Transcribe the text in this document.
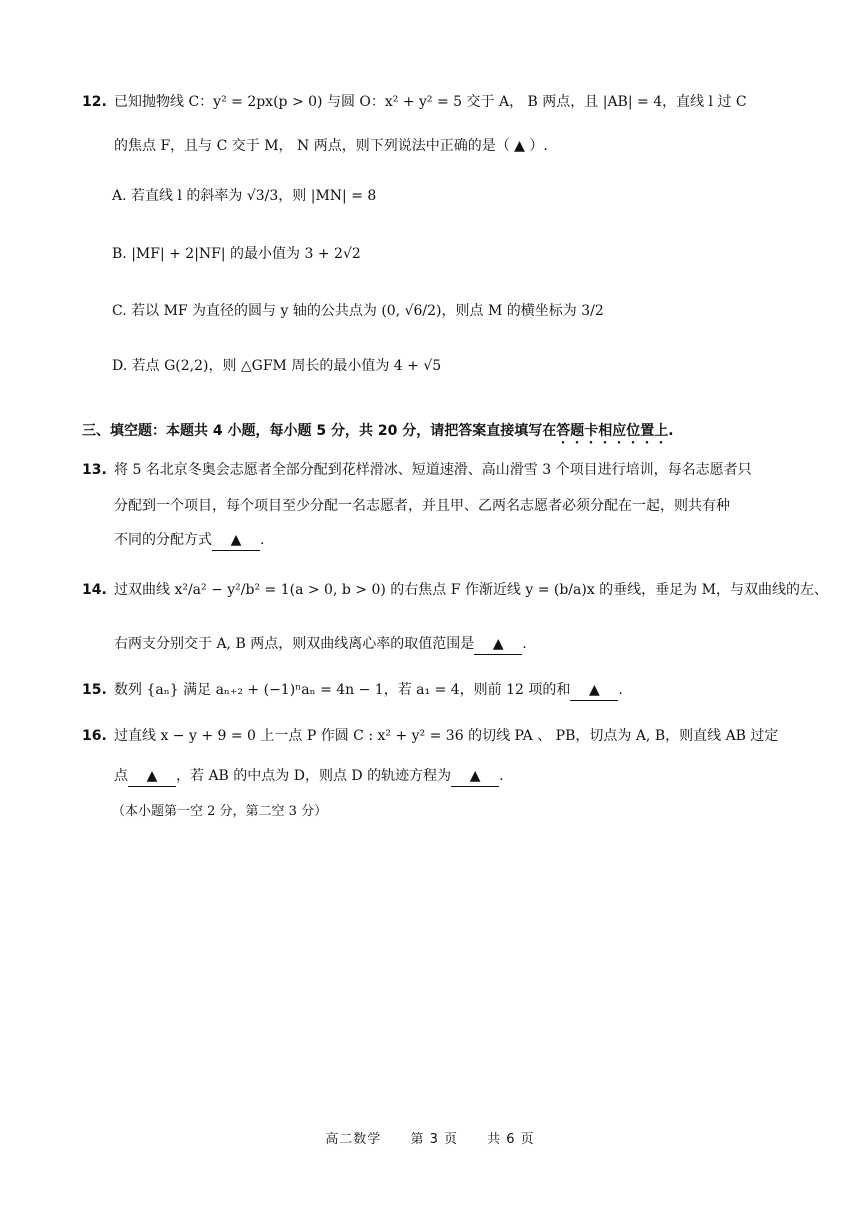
12. 已知抛物线 C：y² = 2px(p > 0) 与圆 O：x² + y² = 5 交于 A， B 两点，且 |AB| = 4，直线 l 过 C
的焦点 F，且与 C 交于 M， N 两点，则下列说法中正确的是（ ▲ ）.
A. 若直线 l 的斜率为 √3/3，则 |MN| = 8
B. |MF| + 2|NF| 的最小值为 3 + 2√2
C. 若以 MF 为直径的圆与 y 轴的公共点为 (0, √6/2)，则点 M 的横坐标为 3/2
D. 若点 G(2,2)，则 △GFM 周长的最小值为 4 + √5
三、填空题：本题共 4 小题，每小题 5 分，共 20 分，请把答案直接填写在答题卡相应位置上.
13. 将 5 名北京冬奥会志愿者全部分配到花样滑冰、短道速滑、高山滑雪 3 个项目进行培训，每名志愿者只
分配到一个项目，每个项目至少分配一名志愿者，并且甲、乙两名志愿者必须分配在一起，则共有种
不同的分配方式 ▲ .
14. 过双曲线 x²/a² − y²/b² = 1(a > 0, b > 0) 的右焦点 F 作渐近线 y = (b/a)x 的垂线，垂足为 M，与双曲线的左、
右两支分别交于 A, B 两点，则双曲线离心率的取值范围是 ▲ .
15. 数列 {aₙ} 满足 aₙ₊₂ + (−1)ⁿaₙ = 4n − 1，若 a₁ = 4，则前 12 项的和 ▲ .
16. 过直线 x − y + 9 = 0 上一点 P 作圆 C : x² + y² = 36 的切线 PA 、 PB，切点为 A, B，则直线 AB 过定
点 ▲ ，若 AB 的中点为 D，则点 D 的轨迹方程为 ▲ .
（本小题第一空 2 分，第二空 3 分）
高二数学 第 3 页 共 6 页
